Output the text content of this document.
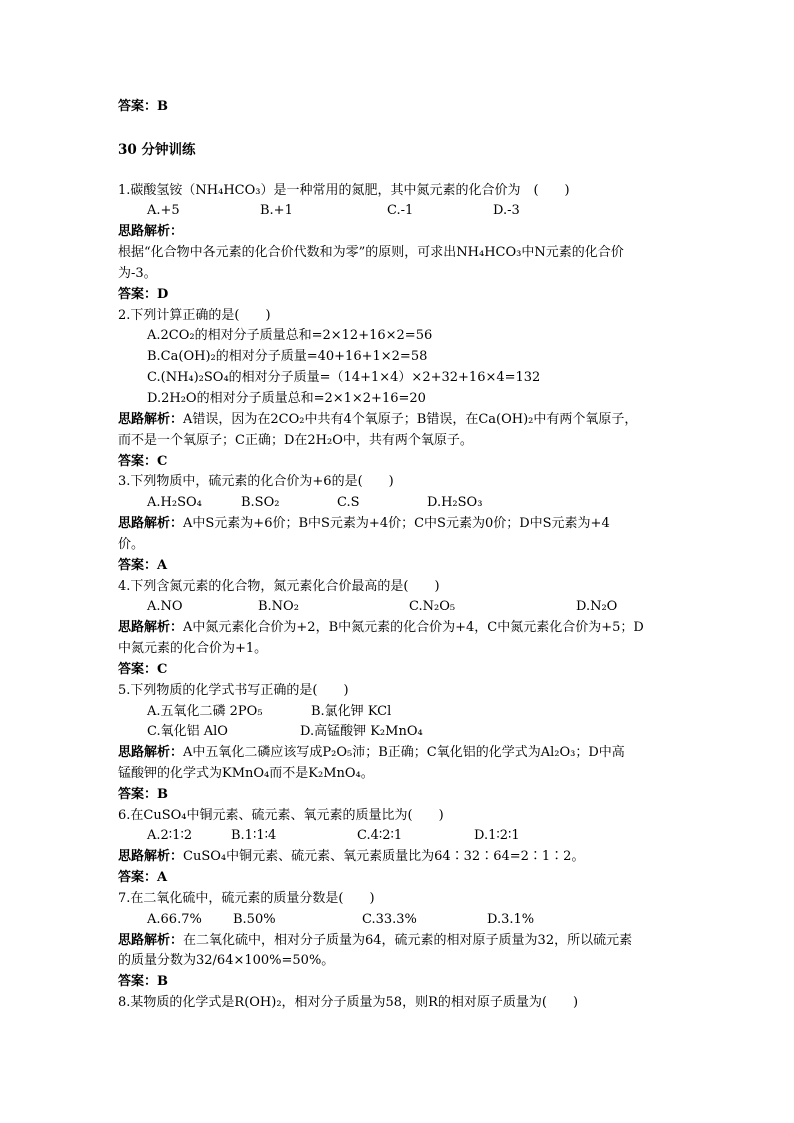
答案：B
30 分钟训练
1.碳酸氢铵（NH₄HCO₃）是一种常用的氮肥，其中氮元素的化合价为　(　　)
A.+5	B.+1	C.-1	D.-3
思路解析：
根据“化合物中各元素的化合价代数和为零”的原则，可求出NH₄HCO₃中N元素的化合价
为-3。
答案：D
2.下列计算正确的是(　　)
A.2CO₂的相对分子质量总和=2×12+16×2=56
B.Ca(OH)₂的相对分子质量=40+16+1×2=58
C.(NH₄)₂SO₄的相对分子质量=（14+1×4）×2+32+16×4=132
D.2H₂O的相对分子质量总和=2×1×2+16=20
思路解析：A错误，因为在2CO₂中共有4个氧原子；B错误，在Ca(OH)₂中有两个氧原子，
而不是一个氧原子；C正确；D在2H₂O中，共有两个氧原子。
答案：C
3.下列物质中，硫元素的化合价为+6的是(　　)
A.H₂SO₄	B.SO₂	C.S	D.H₂SO₃
思路解析：A中S元素为+6价；B中S元素为+4价；C中S元素为0价；D中S元素为+4
价。
答案：A
4.下列含氮元素的化合物，氮元素化合价最高的是(　　)
A.NO	B.NO₂	C.N₂O₅	D.N₂O
思路解析：A中氮元素化合价为+2，B中氮元素的化合价为+4，C中氮元素化合价为+5；D
中氮元素的化合价为+1。
答案：C
5.下列物质的化学式书写正确的是(　　)
A.五氧化二磷 2PO₅	B.氯化钾 KCl
C.氧化铝 AlO	D.高锰酸钾 K₂MnO₄
思路解析：A中五氧化二磷应该写成P₂O₅沛；B正确；C氧化铝的化学式为Al₂O₃；D中高
锰酸钾的化学式为KMnO₄而不是K₂MnO₄。
答案：B
6.在CuSO₄中铜元素、硫元素、氧元素的质量比为(　　)
A.2∶1∶2	B.1∶1∶4	C.4∶2∶1	D.1∶2∶1
思路解析：CuSO₄中铜元素、硫元素、氧元素质量比为64∶32∶64=2∶1∶2。
答案：A
7.在二氧化硫中，硫元素的质量分数是(　　)
A.66.7% B.50%	C.33.3%	D.3.1%
思路解析：在二氧化硫中，相对分子质量为64，硫元素的相对原子质量为32，所以硫元素
的质量分数为32/64×100%=50%。
答案：B
8.某物质的化学式是R(OH)₂，相对分子质量为58，则R的相对原子质量为(　　)
